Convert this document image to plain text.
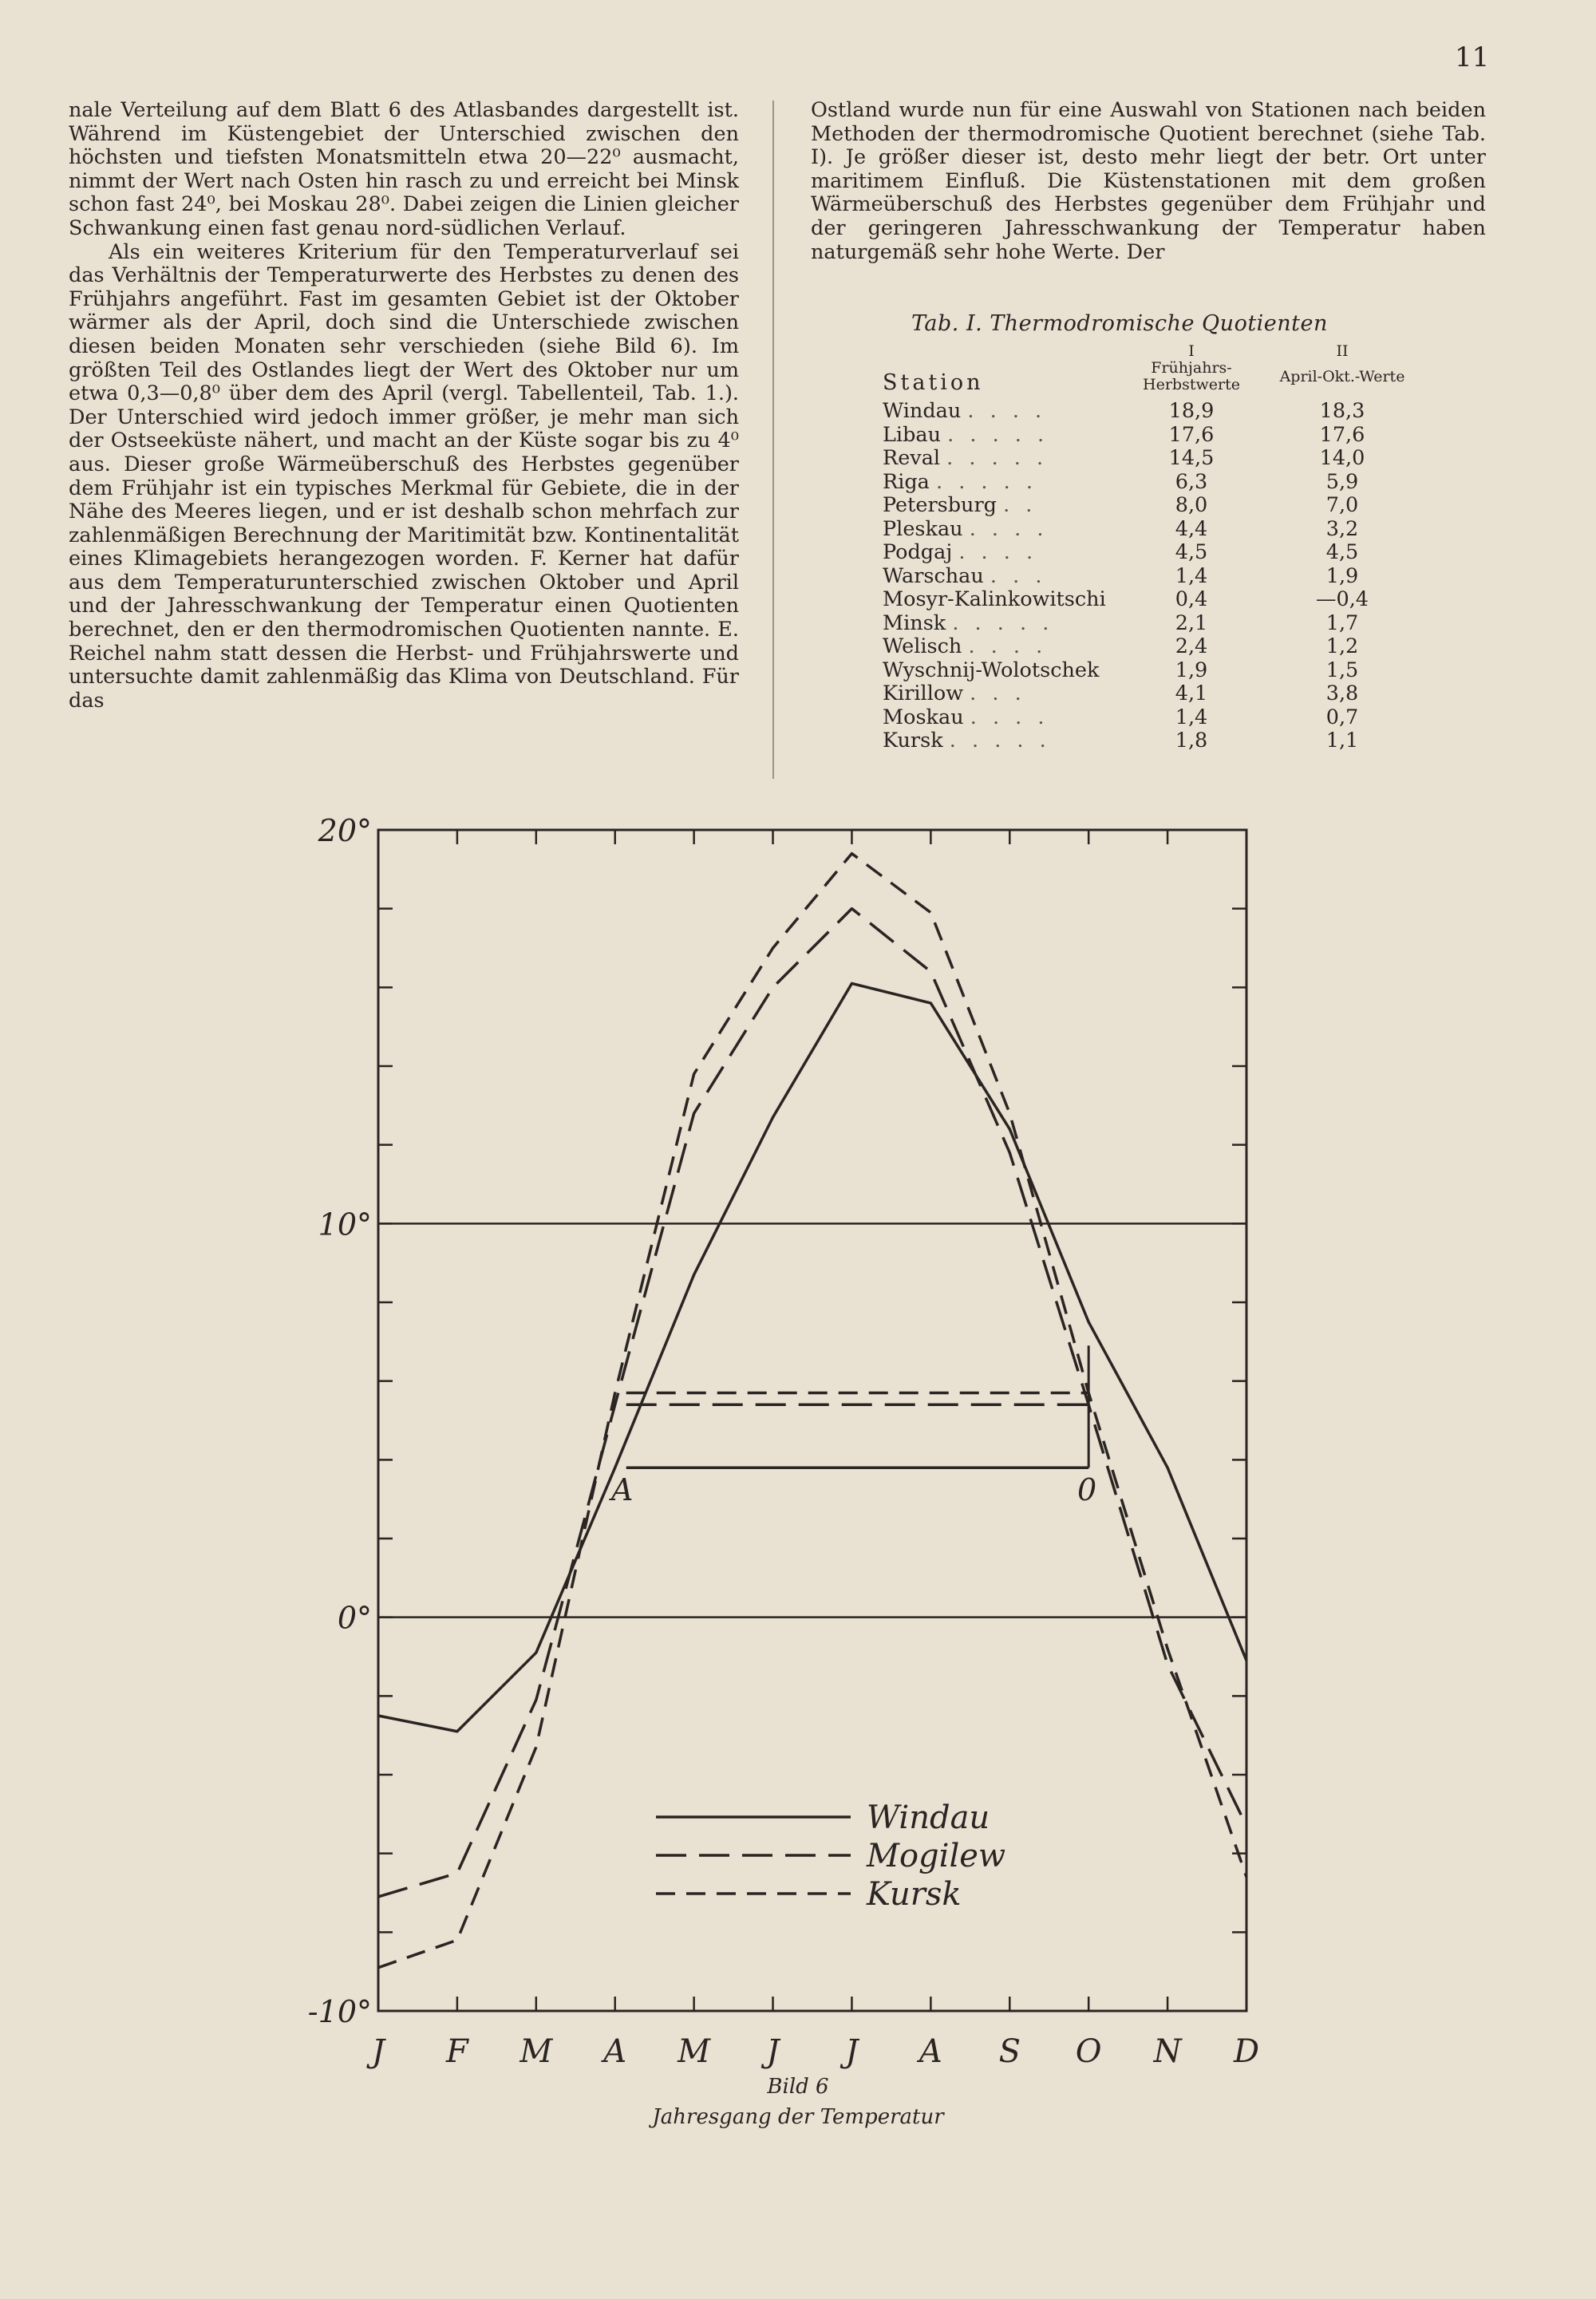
11

nale Verteilung auf dem Blatt 6 des Atlasbandes dargestellt ist. Während im Küstengebiet der Unterschied zwischen den höchsten und tiefsten Monatsmitteln etwa 20—22⁰ ausmacht, nimmt der Wert nach Osten hin rasch zu und erreicht bei Minsk schon fast 24⁰, bei Moskau 28⁰. Dabei zeigen die Linien gleicher Schwankung einen fast genau nord-südlichen Verlauf.

Als ein weiteres Kriterium für den Temperaturverlauf sei das Verhältnis der Temperaturwerte des Herbstes zu denen des Frühjahrs angeführt. Fast im gesamten Gebiet ist der Oktober wärmer als der April, doch sind die Unterschiede zwischen diesen beiden Monaten sehr verschieden (siehe Bild 6). Im größten Teil des Ostlandes liegt der Wert des Oktober nur um etwa 0,3—0,8⁰ über dem des April (vergl. Tabellenteil, Tab. 1.). Der Unterschied wird jedoch immer größer, je mehr man sich der Ostseeküste nähert, und macht an der Küste sogar bis zu 4⁰ aus. Dieser große Wärmeüberschuß des Herbstes gegenüber dem Frühjahr ist ein typisches Merkmal für Gebiete, die in der Nähe des Meeres liegen, und er ist deshalb schon mehrfach zur zahlenmäßigen Berechnung der Maritimität bzw. Kontinentalität eines Klimagebiets herangezogen worden. F. Kerner hat dafür aus dem Temperaturunterschied zwischen Oktober und April und der Jahresschwankung der Temperatur einen Quotienten berechnet, den er den thermodromischen Quotienten nannte. E. Reichel nahm statt dessen die Herbst- und Frühjahrswerte und untersuchte damit zahlenmäßig das Klima von Deutschland. Für das

Ostland wurde nun für eine Auswahl von Stationen nach beiden Methoden der thermodromische Quotient berechnet (siehe Tab. I). Je größer dieser ist, desto mehr liegt der betr. Ort unter maritimem Einfluß. Die Küstenstationen mit dem großen Wärmeüberschuß des Herbstes gegenüber dem Frühjahr und der geringeren Jahresschwankung der Temperatur haben naturgemäß sehr hohe Werte. Der

Tab. I. Thermodromische Quotienten
Station	I	II
	Frühjahrs-Herbstwerte	April-Okt.-Werte
Windau . . . .	18,9	18,3
Libau . . . . .	17,6	17,6
Reval . . . . .	14,5	14,0
Riga . . . . .	6,3	5,9
Petersburg . .	8,0	7,0
Pleskau . . . .	4,4	3,2
Podgaj . . . .	4,5	4,5
Warschau . . .	1,4	1,9
Mosyr-Kalinkowitschi	0,4	—0,4
Minsk . . . . .	2,1	1,7
Welisch . . . .	2,4	1,2
Wyschnij-Wolotschek	1,9	1,5
Kirillow . . .	4,1	3,8
Moskau . . . .	1,4	0,7
Kursk . . . . .	1,8	1,1
20°
10°
0°
-10°
J F M A M J J A S O N D
A	0
Windau
Mogilew
Kursk
Bild 6
Jahresgang der Temperatur
